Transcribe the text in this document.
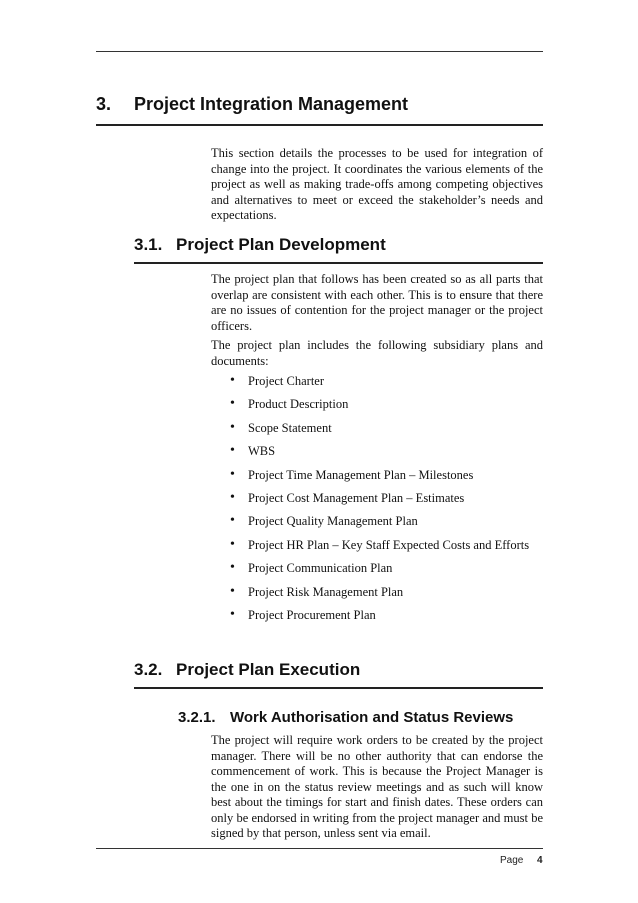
3. Project Integration Management

This section details the processes to be used for integration of change into the project. It coordinates the various elements of the project as well as making trade-offs among competing objectives and alternatives to meet or exceed the stakeholder’s needs and expectations.

3.1. Project Plan Development

The project plan that follows has been created so as all parts that overlap are consistent with each other. This is to ensure that there are no issues of contention for the project manager or the project officers.

The project plan includes the following subsidiary plans and documents:

• Project Charter
• Product Description
• Scope Statement
• WBS
• Project Time Management Plan – Milestones
• Project Cost Management Plan – Estimates
• Project Quality Management Plan
• Project HR Plan – Key Staff Expected Costs and Efforts
• Project Communication Plan
• Project Risk Management Plan
• Project Procurement Plan
3.2. Project Plan Execution
3.2.1. Work Authorisation and Status Reviews

The project will require work orders to be created by the project manager. There will be no other authority that can endorse the commencement of work. This is because the Project Manager is the one in on the status review meetings and as such will know best about the timings for start and finish dates. These orders can only be endorsed in writing from the project manager and must be signed by that person, unless sent via email.

Page 4
